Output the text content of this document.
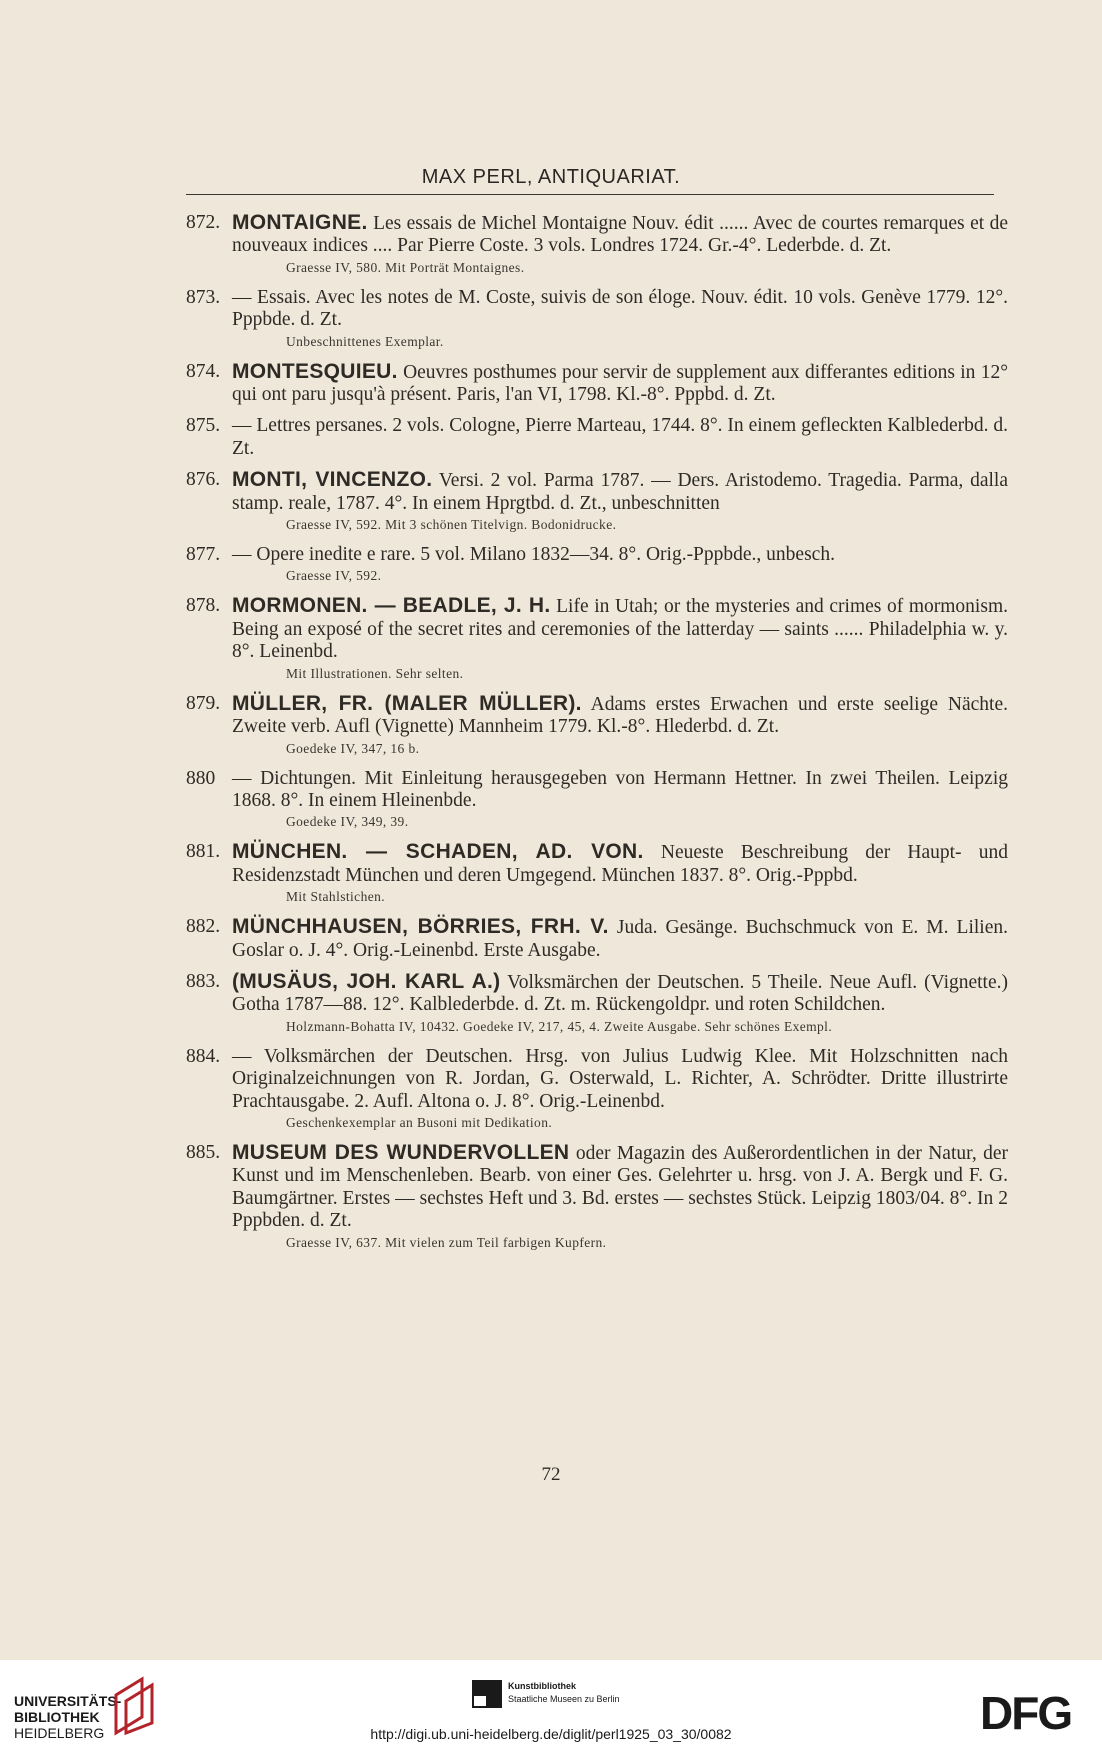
MAX PERL, ANTIQUARIAT.
872. MONTAIGNE. Les essais de Michel Montaigne Nouv. édit ...... Avec de courtes remarques et de nouveaux indices .... Par Pierre Coste. 3 vols. Londres 1724. Gr.-4°. Lederbde. d. Zt.
Graesse IV, 580. Mit Porträt Montaignes.
873. — Essais. Avec les notes de M. Coste, suivis de son éloge. Nouv. édit. 10 vols. Genève 1779. 12°. Pppbde. d. Zt.
Unbeschnittenes Exemplar.
874. MONTESQUIEU. Oeuvres posthumes pour servir de supplement aux differantes editions in 12° qui ont paru jusqu'à présent. Paris, l'an VI, 1798. Kl.-8°. Pppbd. d. Zt.
875. — Lettres persanes. 2 vols. Cologne, Pierre Marteau, 1744. 8°. In einem gefleckten Kalblederbd. d. Zt.
876. MONTI, VINCENZO. Versi. 2 vol. Parma 1787. — Ders. Aristodemo. Tragedia. Parma, dalla stamp. reale, 1787. 4°. In einem Hprgtbd. d. Zt., unbeschnitten
Graesse IV, 592. Mit 3 schönen Titelvign. Bodonidrucke.
877. — Opere inedite e rare. 5 vol. Milano 1832—34. 8°. Orig.-Pppbde., unbesch.
Graesse IV, 592.
878. MORMONEN. — BEADLE, J. H. Life in Utah; or the mysteries and crimes of mormonism. Being an exposé of the secret rites and ceremonies of the latterday — saints ...... Philadelphia w. y. 8°. Leinenbd.
Mit Illustrationen. Sehr selten.
879. MÜLLER, FR. (MALER MÜLLER). Adams erstes Erwachen und erste seelige Nächte. Zweite verb. Aufl (Vignette) Mannheim 1779. Kl.-8°. Hlederbd. d. Zt.
Goedeke IV, 347, 16 b.
880 — Dichtungen. Mit Einleitung herausgegeben von Hermann Hettner. In zwei Theilen. Leipzig 1868. 8°. In einem Hleinenbde.
Goedeke IV, 349, 39.
881. MÜNCHEN. — SCHADEN, AD. VON. Neueste Beschreibung der Haupt- und Residenzstadt München und deren Umgegend. München 1837. 8°. Orig.-Pppbd.
Mit Stahlstichen.
882. MÜNCHHAUSEN, BÖRRIES, FRH. V. Juda. Gesänge. Buchschmuck von E. M. Lilien. Goslar o. J. 4°. Orig.-Leinenbd. Erste Ausgabe.
883. (MUSÄUS, JOH. KARL A.) Volksmärchen der Deutschen. 5 Theile. Neue Aufl. (Vignette.) Gotha 1787—88. 12°. Kalblederbde. d. Zt. m. Rückengoldpr. und roten Schildchen.
Holzmann-Bohatta IV, 10432. Goedeke IV, 217, 45, 4. Zweite Ausgabe. Sehr schönes Exempl.
884. — Volksmärchen der Deutschen. Hrsg. von Julius Ludwig Klee. Mit Holzschnitten nach Originalzeichnungen von R. Jordan, G. Osterwald, L. Richter, A. Schrödter. Dritte illustrirte Prachtausgabe. 2. Aufl. Altona o. J. 8°. Orig.-Leinenbd.
Geschenkexemplar an Busoni mit Dedikation.
885. MUSEUM DES WUNDERVOLLEN oder Magazin des Außerordentlichen in der Natur, der Kunst und im Menschenleben. Bearb. von einer Ges. Gelehrter u. hrsg. von J. A. Bergk und F. G. Baumgärtner. Erstes — sechstes Heft und 3. Bd. erstes — sechstes Stück. Leipzig 1803/04. 8°. In 2 Pppbden. d. Zt.
Graesse IV, 637. Mit vielen zum Teil farbigen Kupfern.
72
UNIVERSITÄTS-
BIBLIOTHEK
HEIDELBERG
Kunstbibliothek
Staatliche Museen zu Berlin	DFG
http://digi.ub.uni-heidelberg.de/diglit/perl1925_03_30/0082
